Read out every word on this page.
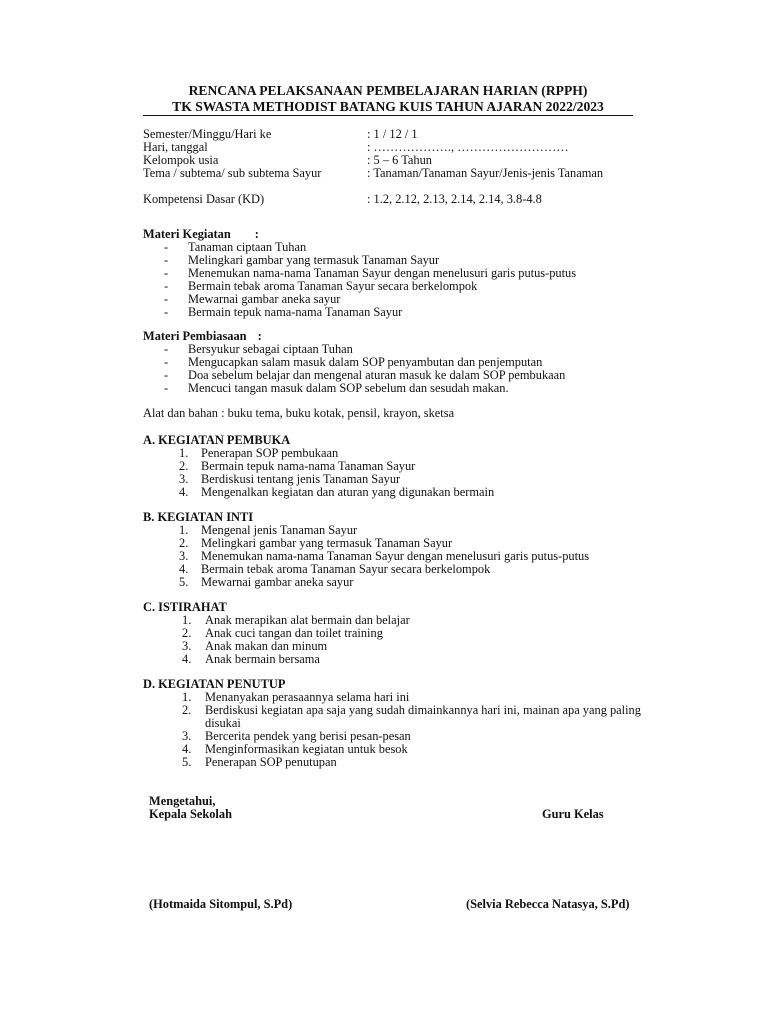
RENCANA PELAKSANAAN PEMBELAJARAN HARIAN (RPPH)
TK SWASTA METHODIST BATANG KUIS TAHUN AJARAN 2022/2023
Semester/Minggu/Hari ke	: 1 / 12 / 1
Hari, tanggal	: ………………., ………………………
Kelompok usia	: 5 – 6 Tahun
Tema / subtema/ sub subtema Sayur	: Tanaman/Tanaman Sayur/Jenis-jenis Tanaman
Kompetensi Dasar (KD)	: 1.2, 2.12, 2.13, 2.14, 2.14, 3.8-4.8
Materi Kegiatan :
- Tanaman ciptaan Tuhan
- Melingkari gambar yang termasuk Tanaman Sayur
- Menemukan nama-nama Tanaman Sayur dengan menelusuri garis putus-putus
- Bermain tebak aroma Tanaman Sayur secara berkelompok
- Mewarnai gambar aneka sayur
- Bermain tepuk nama-nama Tanaman Sayur
Materi Pembiasaan :
- Bersyukur sebagai ciptaan Tuhan
- Mengucapkan salam masuk dalam SOP penyambutan dan penjemputan
- Doa sebelum belajar dan mengenal aturan masuk ke dalam SOP pembukaan
- Mencuci tangan masuk dalam SOP sebelum dan sesudah makan.
Alat dan bahan : buku tema, buku kotak, pensil, krayon, sketsa
A. KEGIATAN PEMBUKA
1. Penerapan SOP pembukaan
2. Bermain tepuk nama-nama Tanaman Sayur
3. Berdiskusi tentang jenis Tanaman Sayur
4. Mengenalkan kegiatan dan aturan yang digunakan bermain
B. KEGIATAN INTI
1. Mengenal jenis Tanaman Sayur
2. Melingkari gambar yang termasuk Tanaman Sayur
3. Menemukan nama-nama Tanaman Sayur dengan menelusuri garis putus-putus
4. Bermain tebak aroma Tanaman Sayur secara berkelompok
5. Mewarnai gambar aneka sayur
C. ISTIRAHAT
1. Anak merapikan alat bermain dan belajar
2. Anak cuci tangan dan toilet training
3. Anak makan dan minum
4. Anak bermain bersama
D. KEGIATAN PENUTUP
1. Menanyakan perasaannya selama hari ini
2. Berdiskusi kegiatan apa saja yang sudah dimainkannya hari ini, mainan apa yang paling disukai
3. Bercerita pendek yang berisi pesan-pesan
4. Menginformasikan kegiatan untuk besok
5. Penerapan SOP penutupan
Mengetahui,
Kepala Sekolah	Guru Kelas
(Hotmaida Sitompul, S.Pd)	(Selvia Rebecca Natasya, S.Pd)
